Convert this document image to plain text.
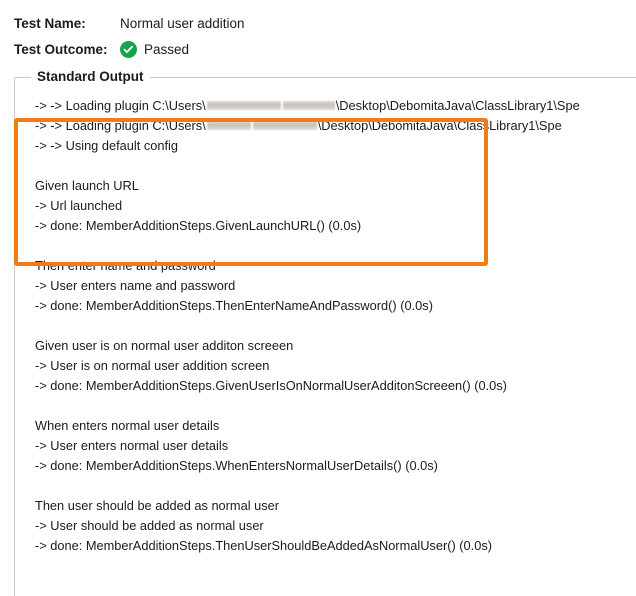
Test Name:	Normal user addition
Test Outcome:	Passed
Standard Output
-> -> Loading plugin C:\Users\	\Desktop\DebomitaJava\ClassLibrary1\Spe
-> -> Loading plugin C:\Users\	\Desktop\DebomitaJava\ClassLibrary1\Spe
-> -> Using default config
Given launch URL
-> Url launched
-> done: MemberAdditionSteps.GivenLaunchURL() (0.0s)
Then enter name and password
-> User enters name and password
-> done: MemberAdditionSteps.ThenEnterNameAndPassword() (0.0s)
Given user is on normal user additon screeen
-> User is on normal user addition screen
-> done: MemberAdditionSteps.GivenUserIsOnNormalUserAdditonScreeen() (0.0s)
When enters normal user details
-> User enters normal user details
-> done: MemberAdditionSteps.WhenEntersNormalUserDetails() (0.0s)
Then user should be added as normal user
-> User should be added as normal user
-> done: MemberAdditionSteps.ThenUserShouldBeAddedAsNormalUser() (0.0s)
